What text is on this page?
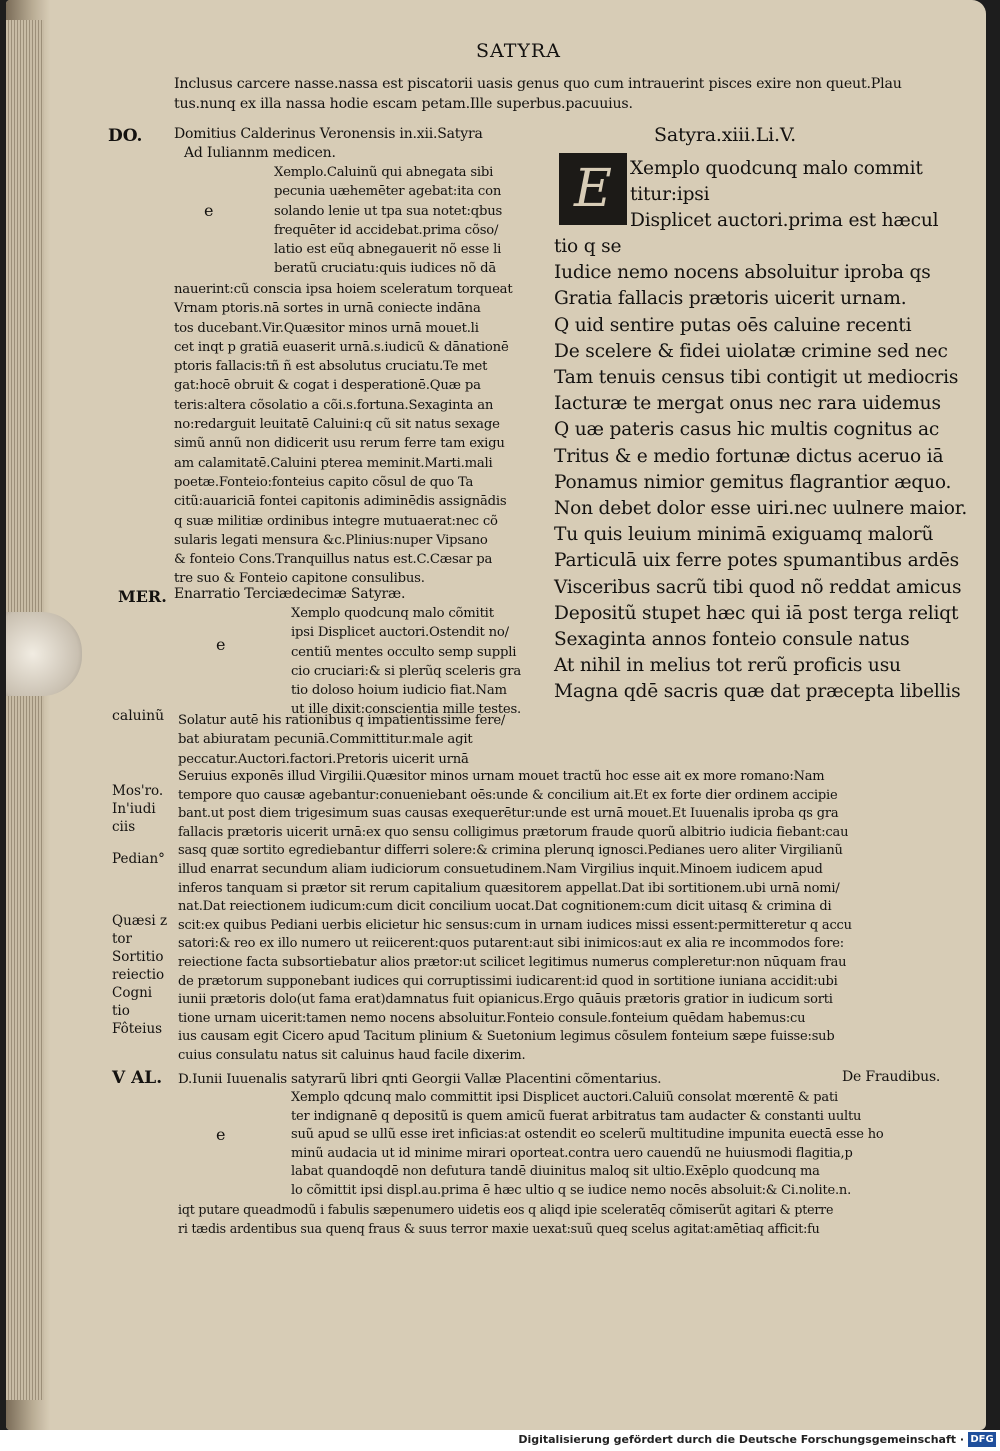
SATYRA
Inclusus carcere nasse.nassa est piscatorii uasis genus quo cum intrauerint pisces exire non queut.Plau
tus.nunq ex illa nassa hodie escam petam.Ille superbus.pacuuius.
DO.
e
MER.
e
caluinũ
Mos'ro.
In'iudi
ciis
Pedian°
Quæsi z
tor
Sortitio
reiectio
Cogni
tio
Fôteius
V AL.
e
Domitius Calderinus Veronensis in.xii.Satyra
Ad Iuliannm medicen.
Xemplo.Caluinũ qui abnegata sibi
pecunia uæhemēter agebat:ita con
solando lenie ut tpa sua notet:qbus
frequēter id accidebat.prima cõso/
latio est eũq abnegauerit nõ esse li
beratũ cruciatu:quis iudices nõ dā
nauerint:cũ conscia ipsa hoiem sceleratum torqueat
Vrnam ptoris.nā sortes in urnā coniecte indāna
tos ducebant.Vir.Quæsitor minos urnā mouet.li
cet inqt p gratiā euaserit urnā.s.iudicũ & dānationē
ptoris fallacis:tñ ñ est absolutus cruciatu.Te met
gat:hocē obruit & cogat i desperationē.Quæ pa
teris:altera cõsolatio a cõi.s.fortuna.Sexaginta an
no:redarguit leuitatē Caluini:q cũ sit natus sexage
simũ annũ non didicerit usu rerum ferre tam exigu
am calamitatē.Caluini pterea meminit.Marti.mali
poetæ.Fonteio:fonteius capito cõsul de quo Ta
citũ:auariciā fontei capitonis adiminēdis assignādis
q suæ militiæ ordinibus integre mutuaerat:nec cõ
sularis legati mensura &c.Plinius:nuper Vipsano
& fonteio Cons.Tranquillus natus est.C.Cæsar pa
tre suo & Fonteio capitone consulibus.
Enarratio Terciædecimæ Satyræ.
Xemplo quodcunq malo cõmitit
ipsi Displicet auctori.Ostendit no/
centiũ mentes occulto semp suppli
cio cruciari:& si plerũq sceleris gra
tio doloso hoium iudicio fiat.Nam
ut ille dixit:conscientia mille testes.
Solatur autē his rationibus q impatientissime fere/
bat abiuratam pecuniā.Committitur.male agit
peccatur.Auctori.factori.Pretoris uicerit urnā
Satyra.xiii.Li.V.
E Xemplo quodcunq malo commit
titur:ipsi
Displicet auctori.prima est hæcul
tio q se
Iudice nemo nocens absoluitur iproba qs
Gratia fallacis prætoris uicerit urnam.
Q uid sentire putas oēs caluine recenti
De scelere & fidei uiolatæ crimine sed nec
Tam tenuis census tibi contigit ut mediocris
Iacturæ te mergat onus nec rara uidemus
Q uæ pateris casus hic multis cognitus ac
Tritus & e medio fortunæ dictus aceruo iā
Ponamus nimior gemitus flagrantior æquo.
Non debet dolor esse uiri.nec uulnere maior.
Tu quis leuium minimā exiguamq malorũ
Particulā uix ferre potes spumantibus ardēs
Visceribus sacrũ tibi quod nõ reddat amicus
Depositũ stupet hæc qui iā post terga reliqt
Sexaginta annos fonteio consule natus
At nihil in melius tot rerũ proficis usu
Magna qdē sacris quæ dat præcepta libellis
Seruius exponēs illud Virgilii.Quæsitor minos urnam mouet tractũ hoc esse ait ex more romano:Nam
tempore quo causæ agebantur:conueniebant oēs:unde & concilium ait.Et ex forte dier ordinem accipie
bant.ut post diem trigesimum suas causas exequerētur:unde est urnā mouet.Et Iuuenalis iproba qs gra
fallacis prætoris uicerit urnā:ex quo sensu colligimus prætorum fraude quorũ albitrio iudicia fiebant:cau
sasq quæ sortito egrediebantur differri solere:& crimina plerunq ignosci.Pedianes uero aliter Virgilianũ
illud enarrat secundum aliam iudiciorum consuetudinem.Nam Virgilius inquit.Minoem iudicem apud
inferos tanquam si prætor sit rerum capitalium quæsitorem appellat.Dat ibi sortitionem.ubi urnā nomi/
nat.Dat reiectionem iudicum:cum dicit concilium uocat.Dat cognitionem:cum dicit uitasq & crimina di
scit:ex quibus Pediani uerbis elicietur hic sensus:cum in urnam iudices missi essent:permitteretur q accu
satori:& reo ex illo numero ut reiicerent:quos putarent:aut sibi inimicos:aut ex alia re incommodos fore:
reiectione facta subsortiebatur alios prætor:ut scilicet legitimus numerus compleretur:non nūquam frau
de prætorum supponebant iudices qui corruptissimi iudicarent:id quod in sortitione iuniana accidit:ubi
iunii prætoris dolo(ut fama erat)damnatus fuit opianicus.Ergo quāuis prætoris gratior in iudicum sorti
tione urnam uicerit:tamen nemo nocens absoluitur.Fonteio consule.fonteium quēdam habemus:cu
ius causam egit Cicero apud Tacitum plinium & Suetonium legimus cõsulem fonteium sæpe fuisse:sub
cuius consulatu natus sit caluinus haud facile dixerim.
D.Iunii Iuuenalis satyrarũ libri qnti Georgii Vallæ Placentini cõmentarius.	De Fraudibus.
Xemplo qdcunq malo committit ipsi Displicet auctori.Caluiũ consolat mœrentē & pati
ter indignanē q depositũ is quem amicũ fuerat arbitratus tam audacter & constanti uultu
suũ apud se ullũ esse iret inficias:at ostendit eo scelerũ multitudine impunita euectā esse ho
minũ audacia ut id minime mirari oporteat.contra uero cauendũ ne huiusmodi flagitia,p
labat quandoqdē non defutura tandē diuinitus maloq sit ultio.Exēplo quodcunq ma
lo cõmittit ipsi displ.au.prima ē hæc ultio q se iudice nemo nocēs absoluit:& Ci.nolite.n.
iqt putare queadmodũ i fabulis sæpenumero uidetis eos q aliqd ipie sceleratēq cõmiserũt agitari & pterre
ri tædis ardentibus sua quenq fraus & suus terror maxie uexat:suũ queq scelus agitat:amētiaq afficit:fu
Digitalisierung gefördert durch die Deutsche Forschungsgemeinschaft · DFG
